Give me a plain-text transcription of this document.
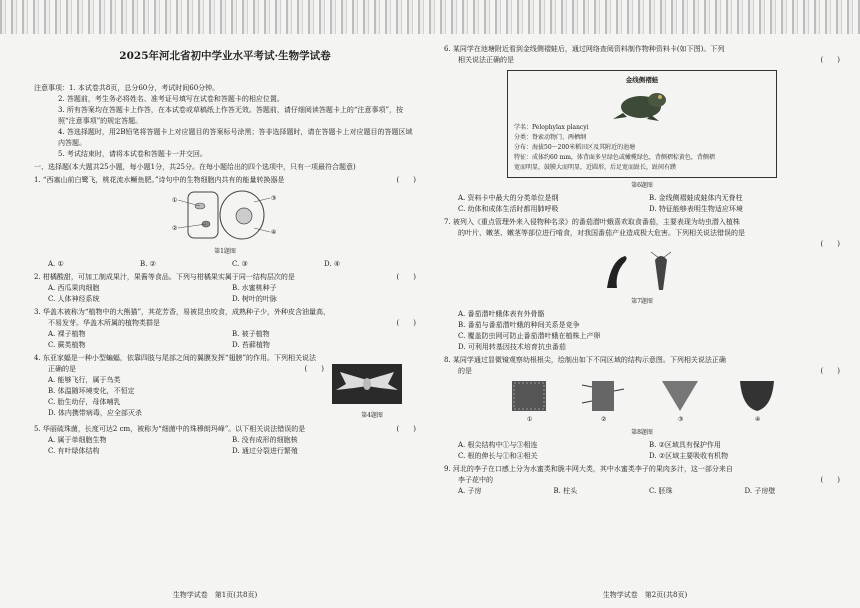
2025年河北省初中学业水平考试·生物学试卷

注意事项：1. 本试卷共8页，总分60分，考试时间60分钟。

2. 答题前，考生务必将姓名、准考证号填写在试卷和答题卡的相应位置。

3. 所有答案均在答题卡上作答，在本试卷或草稿纸上作答无效。答题前，请仔细阅读答题卡上的“注意事项”，按照“注意事项”的规定答题。

4. 答选择题时，用2B铅笔将答题卡上对应题目的答案标号涂黑；答非选择题时，请在答题卡上对应题目的答题区域内答题。

5. 考试结束时，请将本试卷和答题卡一并交回。

一、选择题(本大题共25小题，每小题1分，共25分。在每小题给出的四个选项中，只有一项最符合题意)

1. “西塞山前白鹭飞，桃花流水鳜鱼肥。”诗句中的生物细胞内共有的能量转换器是	(　　)

①
②
③
④
第1题图
A. ①	B. ②	C. ③	D. ④

2. 柑橘酸甜，可加工制成果汁，果酱等食品。下列与柑橘果实属于同一结构层次的是	(　　)

A. 西瓜果肉细胞	B. 水蜜桃种子
C. 人体神经系统	D. 树叶的叶脉

3. 华盖木被称为“植物中的大熊猫”，其花芳香，易被昆虫咬食，成熟种子少，外种皮含油量高，

不易发芽。华盖木所属的植物类群是	(　　)

A. 裸子植物	B. 被子植物
C. 蕨类植物	D. 苔藓植物

4. 东亚家蝠是一种小型蝙蝠，依靠四肢与尾部之间的翼膜发挥“翅膀”的作用。下列相关说法

正确的是	(　　)

A. 能够飞行，属于鸟类

B. 体温随环境变化，不恒定

C. 胎生幼仔，母体哺乳

D. 体内携带病毒，应全部灭杀	第4题图

5. 华丽硫珠菌，长度可达2 cm，被称为“细菌中的珠穆朗玛峰”。以下相关说法错误的是	(　　)

A. 属于单细胞生物	B. 没有成形的细胞核
C. 有叶绿体结构	D. 通过分裂进行繁殖
生物学试卷　第1页(共8页)

6. 某同学在池塘附近看到金线侧褶蛙后，通过网络查阅资料制作物种资料卡(如下图)。下列

相关说法正确的是	(　　)

金线侧褶蛙

学名：Pelophylax plancyi

分类：脊索动物门、两栖纲

分布：海拔50～200米稻田区及其附近的池塘

特征：成体约60 mm，体背面多呈绿色或橄榄绿色，背侧褶棕黄色，背侧褶

宽而明显，鼓膜大而明显，近圆形，后足宽而趾长，趾间有蹼

第6题图
A. 资料卡中最大的分类单位是纲	B. 金线侧褶蛙成蛙体内无脊柱
C. 幼体和成体生活时都用肺呼吸	D. 特征能够表明生物适应环境

7. 被列入《重点管理外来入侵物种名录》的番茄潜叶蛾喜欢取食番茄，主要表现为幼虫潜入植株

的叶片、嫩茎、嫩茎等部位进行啃食，对我国番茄产业造成极大危害。下列相关说法错误的是

(　　)

第7题图

A. 番茄潜叶蛾体表有外骨骼

B. 番茄与番茄潜叶蛾的种间关系是竞争

C. 覆盖防虫网可防止番茄潜叶蛾在植株上产卵

D. 可利用转基因技术培育抗虫番茄

8. 某同学通过显微镜观察幼根根尖，绘制出如下不同区域的结构示意图。下列相关说法正确

的是	(　　)

①	②	③	④
第8题图
A. 根尖结构中①与③相连	B. ②区域具有保护作用
C. 根的伸长与①和④相关	D. ②区域主要吸收有机物

9. 河北的李子在口感上分为水蜜类和脆丰网大类，其中水蜜类李子的果肉多汁，这一部分来自

李子花中的	(　　)

A. 子房	B. 柱头	C. 胚珠	D. 子房壁
生物学试卷　第2页(共8页)
